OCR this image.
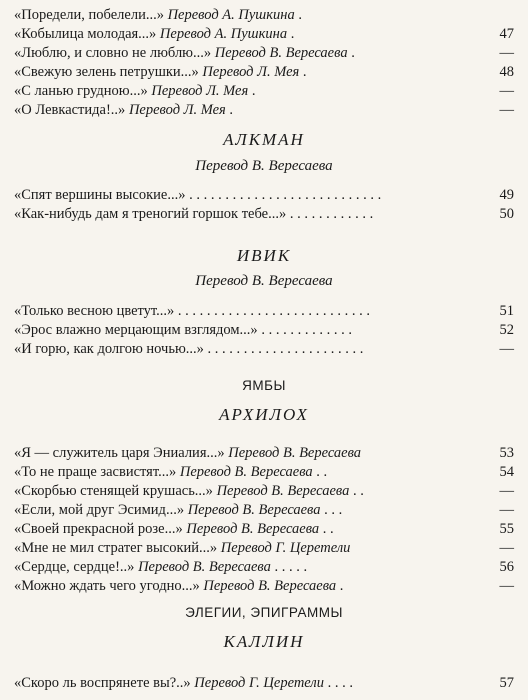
«Поредели, побелели...» Перевод А. Пушкина .
«Кобылица молодая...» Перевод А. Пушкина .	47
«Люблю, и словно не люблю...» Перевод В. Вересаева .	—
«Свежую зелень петрушки...» Перевод Л. Мея .	48
«С ланью грудною...» Перевод Л. Мея .	—
«О Левкастида!..» Перевод Л. Мея .	—
АЛКМАН
Перевод В. Вересаева
«Спят вершины высокие...» . . . . . . . . . . . . . . . . . . . . . . . . . . .	49
«Как-нибудь дам я треногий горшок тебе...» . . . . . . . . . . . .	50
ИВИК
Перевод В. Вересаева
«Только весною цветут...» . . . . . . . . . . . . . . . . . . . . . . . . . . .	51
«Эрос влажно мерцающим взглядом...» . . . . . . . . . . . . .	52
«И горю, как долгою ночью...» . . . . . . . . . . . . . . . . . . . . . .	—
ЯМБЫ
АРХИЛОХ
«Я — служитель царя Эниалия...» Перевод В. Вересаева	53
«То не праще засвистят...» Перевод В. Вересаева . .	54
«Скорбью стенящей крушась...» Перевод В. Вересаева . .	—
«Если, мой друг Эсимид...» Перевод В. Вересаева . . .	—
«Своей прекрасной розе...» Перевод В. Вересаева . .	55
«Мне не мил стратег высокий...» Перевод Г. Церетели	—
«Сердце, сердце!..» Перевод В. Вересаева . . . . .	56
«Можно ждать чего угодно...» Перевод В. Вересаева .	—
ЭЛЕГИИ, ЭПИГРАММЫ
КАЛЛИН
«Скоро ль воспрянете вы?..» Перевод Г. Церетели . . . .	57
